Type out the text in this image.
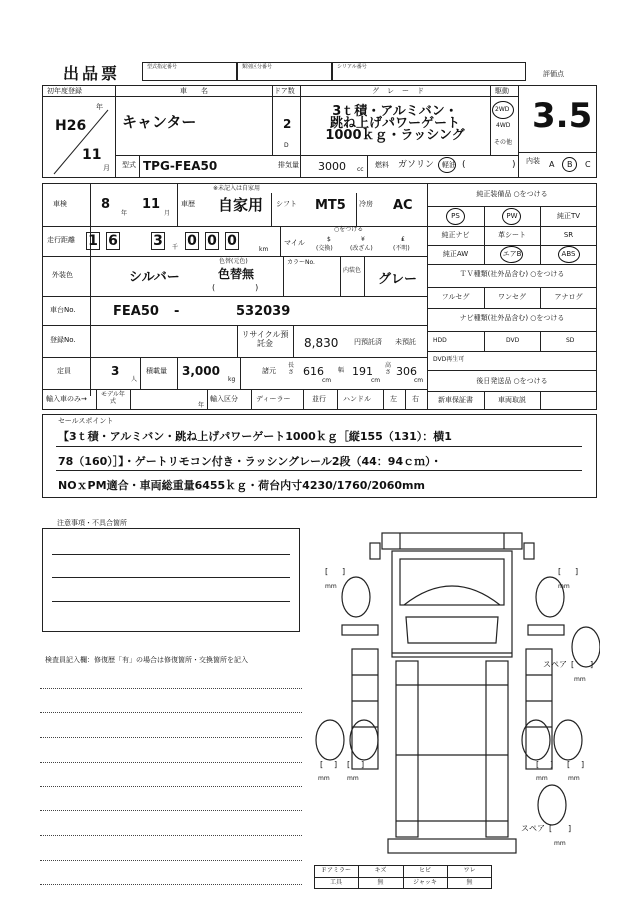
出品票	型式指定番号	類別区分番号	シリアル番号
評価点
初年度登録
H26
年
11
月
車名
キャンター
ドア数
2
D
グレード
3ｔ積・アルミバン・
跳ね上げパワーゲート
1000ｋｇ・ラッシング
駆動
2WD
4WD
その他
3.5
内装 A B C
型式 TPG-FEA50	排気量 3000 cc
燃料 ガソリン 軽油 (	)
車検	8
年
11
月
※未記入は自家用
車歴 自家用 シフト MT5 冷房 AC
走行距離 1 6	3	千 0 0 0
km
マイル
○をつける
$	¥	₤
(交換)	(改ざん)	(不明)
外装色	シルバー
色替(元色)
色替無
(　　　　　)
カラーNo.
内装色
グレー
車台No.	FEA50 -	532039
登録No.
リサイクル預託金	8,830 円預託済 未預託
定員	3
人
積載量 3,000
kg
諸元
長さ 616
cm
幅 191
cm
高さ 306
cm
輸入車のみ→
モデル年式
年
輸入区分	ディーラー	並行 ハンドル	左 右
純正装備品 ○をつける
PS	PW	純正TV
純正ナビ	革シート	SR
純正AW	エアB	ABS
ＴＶ種類(社外品含む) ○をつける
フルセグ	ワンセグ	アナログ
ナビ種類(社外品含む) ○をつける
HDD	DVD	SD
DVD再生可
後日発送品 ○をつける
新車保証書	車両取説
セールスポイント
【3ｔ積・アルミバン・跳ね上げパワーゲート1000ｋｇ［縦155（131）：横1
78（160）］】・ゲートリモコン付き・ラッシングレール2段（44：94ｃｍ）・
NOｘPM適合・車両総重量6455ｋｇ・荷台内寸4230/1760/2060mm
注意事項・不具合箇所
検査員記入欄：修復歴「有」の場合は修復箇所・交換箇所を記入
[ ]
mm
[ ]
mm
スペア [ ]
mm
[ ]
mm
[ ]
mm
[ ]
mm
[ ]
mm
スペア [ ]
mm
Ｆアミラー	キズ	ヒビ	ワレ
工具	無	ジャッキ	無
